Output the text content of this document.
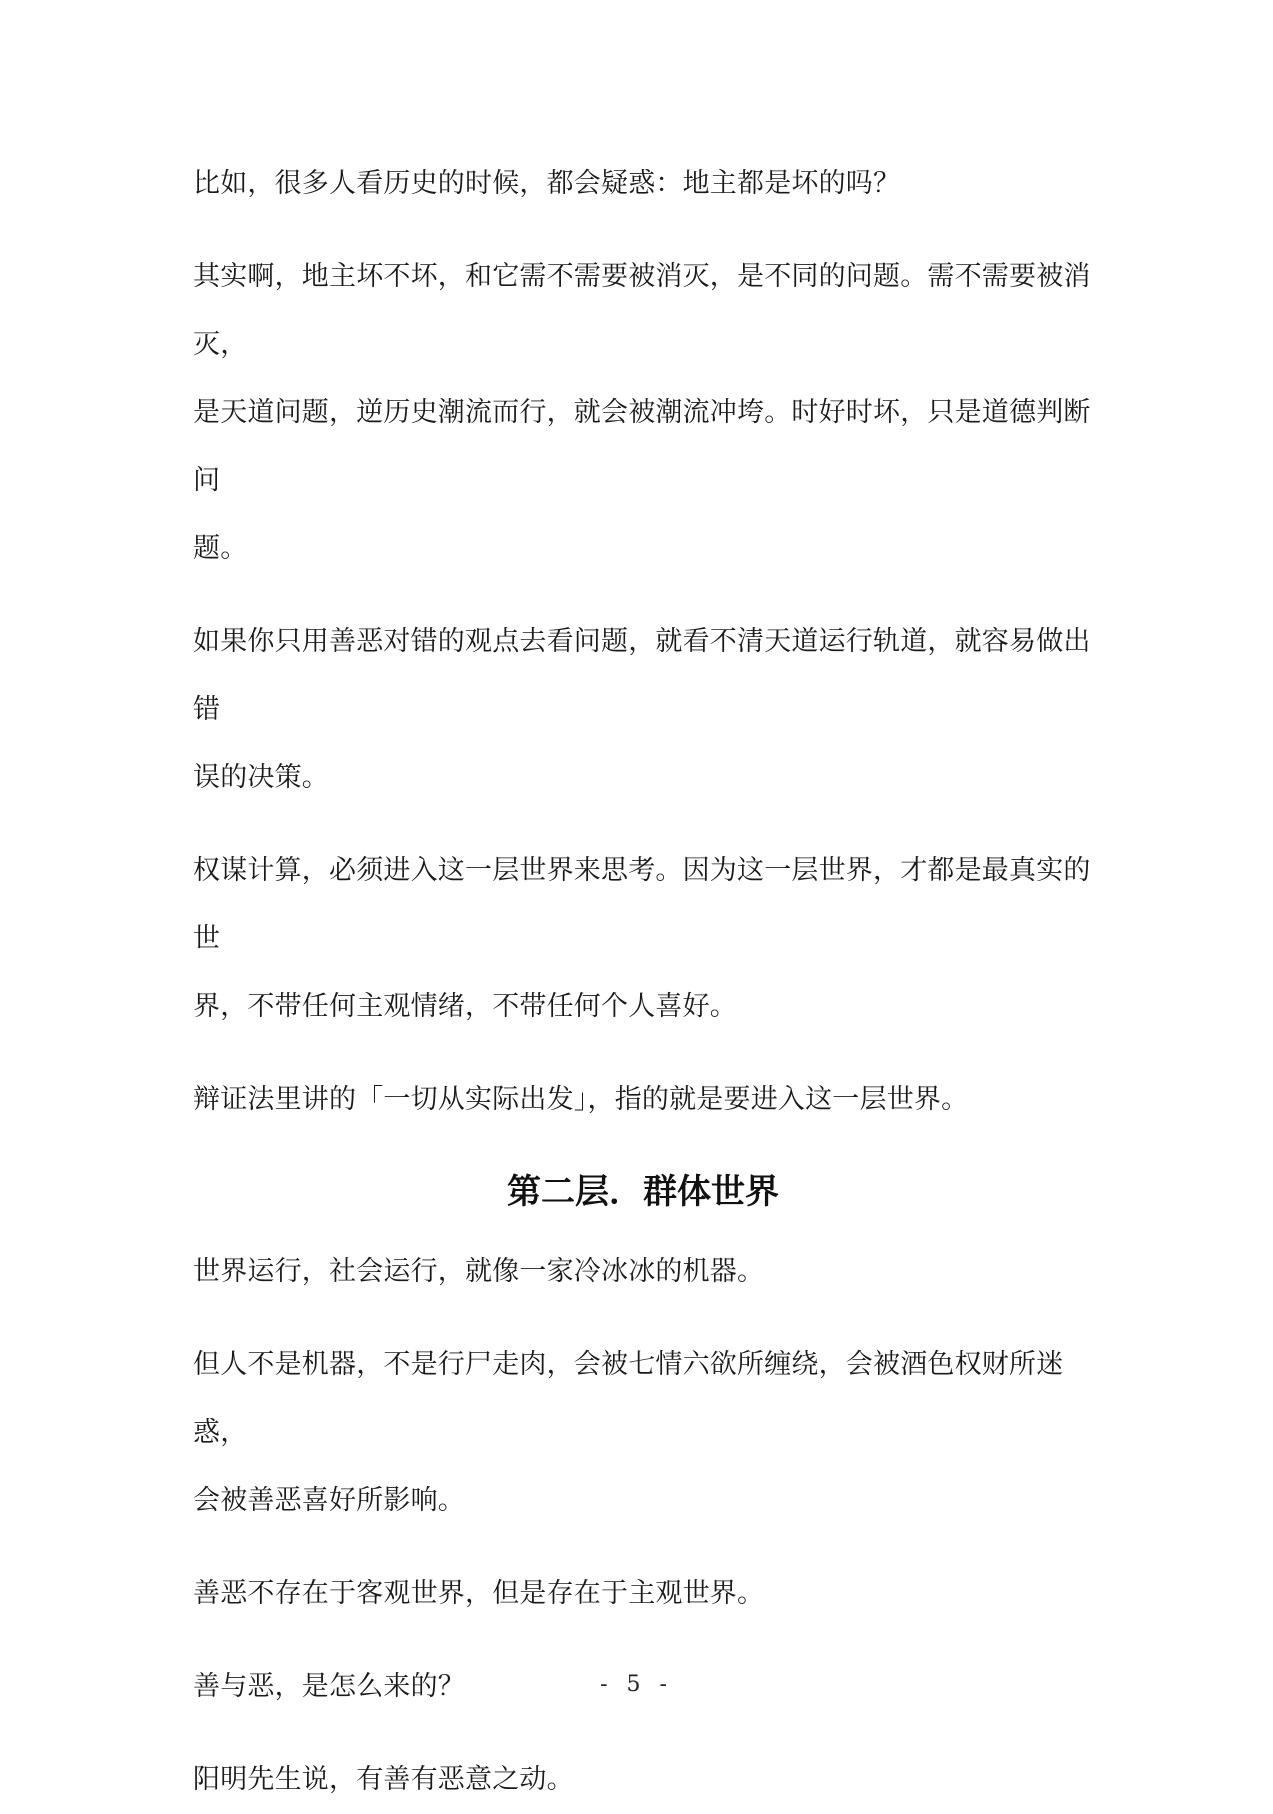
比如，很多人看历史的时候，都会疑惑：地主都是坏的吗？

其实啊，地主坏不坏，和它需不需要被消灭，是不同的问题。需不需要被消灭，
是天道问题，逆历史潮流而行，就会被潮流冲垮。时好时坏，只是道德判断问
题。

如果你只用善恶对错的观点去看问题，就看不清天道运行轨道，就容易做出错
误的决策。

权谋计算，必须进入这一层世界来思考。因为这一层世界，才都是最真实的世
界，不带任何主观情绪，不带任何个人喜好。

辩证法里讲的「一切从实际出发」，指的就是要进入这一层世界。

第二层．群体世界

世界运行，社会运行，就像一家冷冰冰的机器。

但人不是机器，不是行尸走肉，会被七情六欲所缠绕，会被酒色权财所迷惑，
会被善恶喜好所影响。

善恶不存在于客观世界，但是存在于主观世界。

善与恶，是怎么来的？

阳明先生说，有善有恶意之动。

- 5 -
